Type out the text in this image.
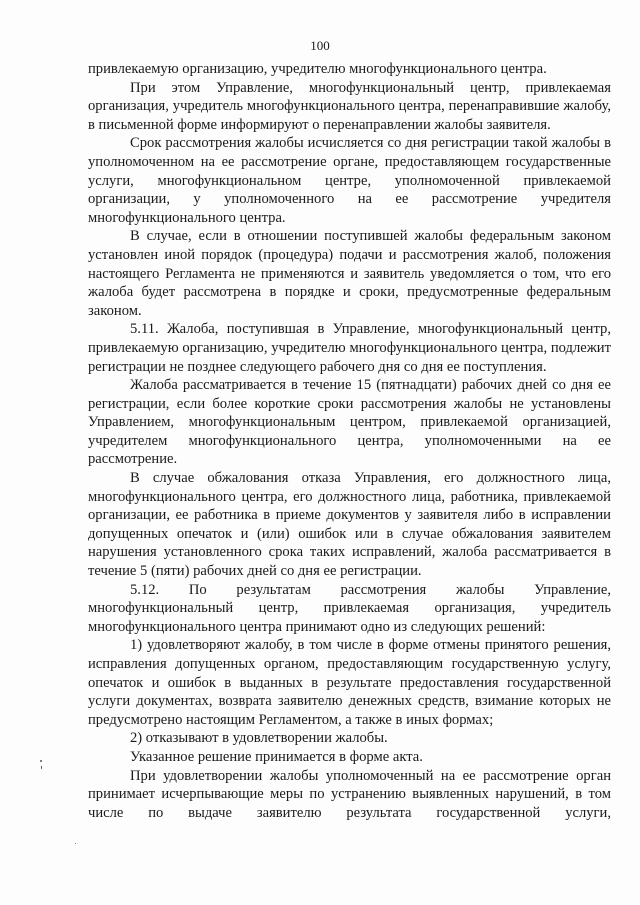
100

привлекаемую организацию, учредителю многофункционального центра.

При этом Управление, многофункциональный центр, привлекаемая организация, учредитель многофункционального центра, перенаправившие жалобу, в письменной форме информируют о перенаправлении жалобы заявителя.

Срок рассмотрения жалобы исчисляется со дня регистрации такой жалобы в уполномоченном на ее рассмотрение органе, предоставляющем государственные услуги, многофункциональном центре, уполномоченной привлекаемой организации, у уполномоченного на ее рассмотрение учредителя многофункционального центра.

В случае, если в отношении поступившей жалобы федеральным законом установлен иной порядок (процедура) подачи и рассмотрения жалоб, положения настоящего Регламента не применяются и заявитель уведомляется о том, что его жалоба будет рассмотрена в порядке и сроки, предусмотренные федеральным законом.

5.11. Жалоба, поступившая в Управление, многофункциональный центр, привлекаемую организацию, учредителю многофункционального центра, подлежит регистрации не позднее следующего рабочего дня со дня ее поступления.

Жалоба рассматривается в течение 15 (пятнадцати) рабочих дней со дня ее регистрации, если более короткие сроки рассмотрения жалобы не установлены Управлением, многофункциональным центром, привлекаемой организацией, учредителем многофункционального центра, уполномоченными на ее рассмотрение.

В случае обжалования отказа Управления, его должностного лица, многофункционального центра, его должностного лица, работника, привлекаемой организации, ее работника в приеме документов у заявителя либо в исправлении допущенных опечаток и (или) ошибок или в случае обжалования заявителем нарушения установленного срока таких исправлений, жалоба рассматривается в течение 5 (пяти) рабочих дней со дня ее регистрации.

5.12. По результатам рассмотрения жалобы Управление, многофункциональный центр, привлекаемая организация, учредитель многофункционального центра принимают одно из следующих решений:

1) удовлетворяют жалобу, в том числе в форме отмены принятого решения, исправления допущенных органом, предоставляющим государственную услугу, опечаток и ошибок в выданных в результате предоставления государственной услуги документах, возврата заявителю денежных средств, взимание которых не предусмотрено настоящим Регламентом, а также в иных формах;

2) отказывают в удовлетворении жалобы.

Указанное решение принимается в форме акта.

При удовлетворении жалобы уполномоченный на ее рассмотрение орган принимает исчерпывающие меры по устранению выявленных нарушений, в том числе по выдаче заявителю результата государственной услуги,
